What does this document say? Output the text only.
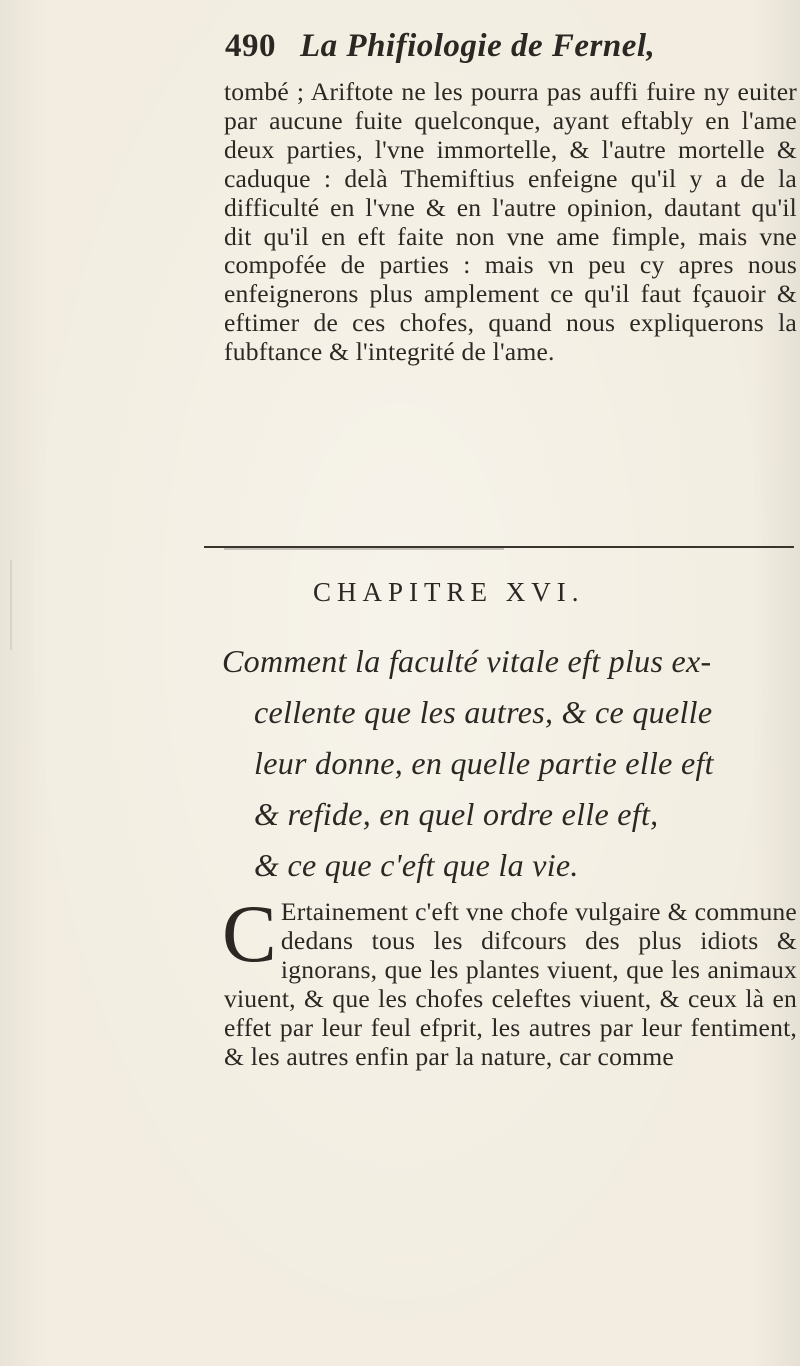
490 La Phifiologie de Fernel,
tombé ; Ariftote ne les pourra pas auffi fuire ny euiter par aucune fuite quelconque, ayant eftably en l'ame deux parties, l'vne immortelle, & l'autre mortelle & caduque : delà Themiftius enfeigne qu'il y a de la difficulté en l'vne & en l'autre opinion, dautant qu'il dit qu'il en eft faite non vne ame fimple, mais vne compofée de parties : mais vn peu cy apres nous enfeignerons plus amplement ce qu'il faut fçauoir & eftimer de ces chofes, quand nous expliquerons la fubftance & l'integrité de l'ame.
CHAPITRE XVI.
Comment la faculté vitale eft plus ex-
cellente que les autres, & ce quelle
leur donne, en quelle partie elle eft
& refide, en quel ordre elle eft,
& ce que c'eft que la vie.
C Ertainement c'eft vne chofe vulgaire & commune dedans tous les difcours des plus idiots & ignorans, que les plantes viuent, que les animaux viuent, & que les chofes celeftes viuent, & ceux là en effet par leur feul efprit, les autres par leur fentiment, & les autres enfin par la nature, car comme
